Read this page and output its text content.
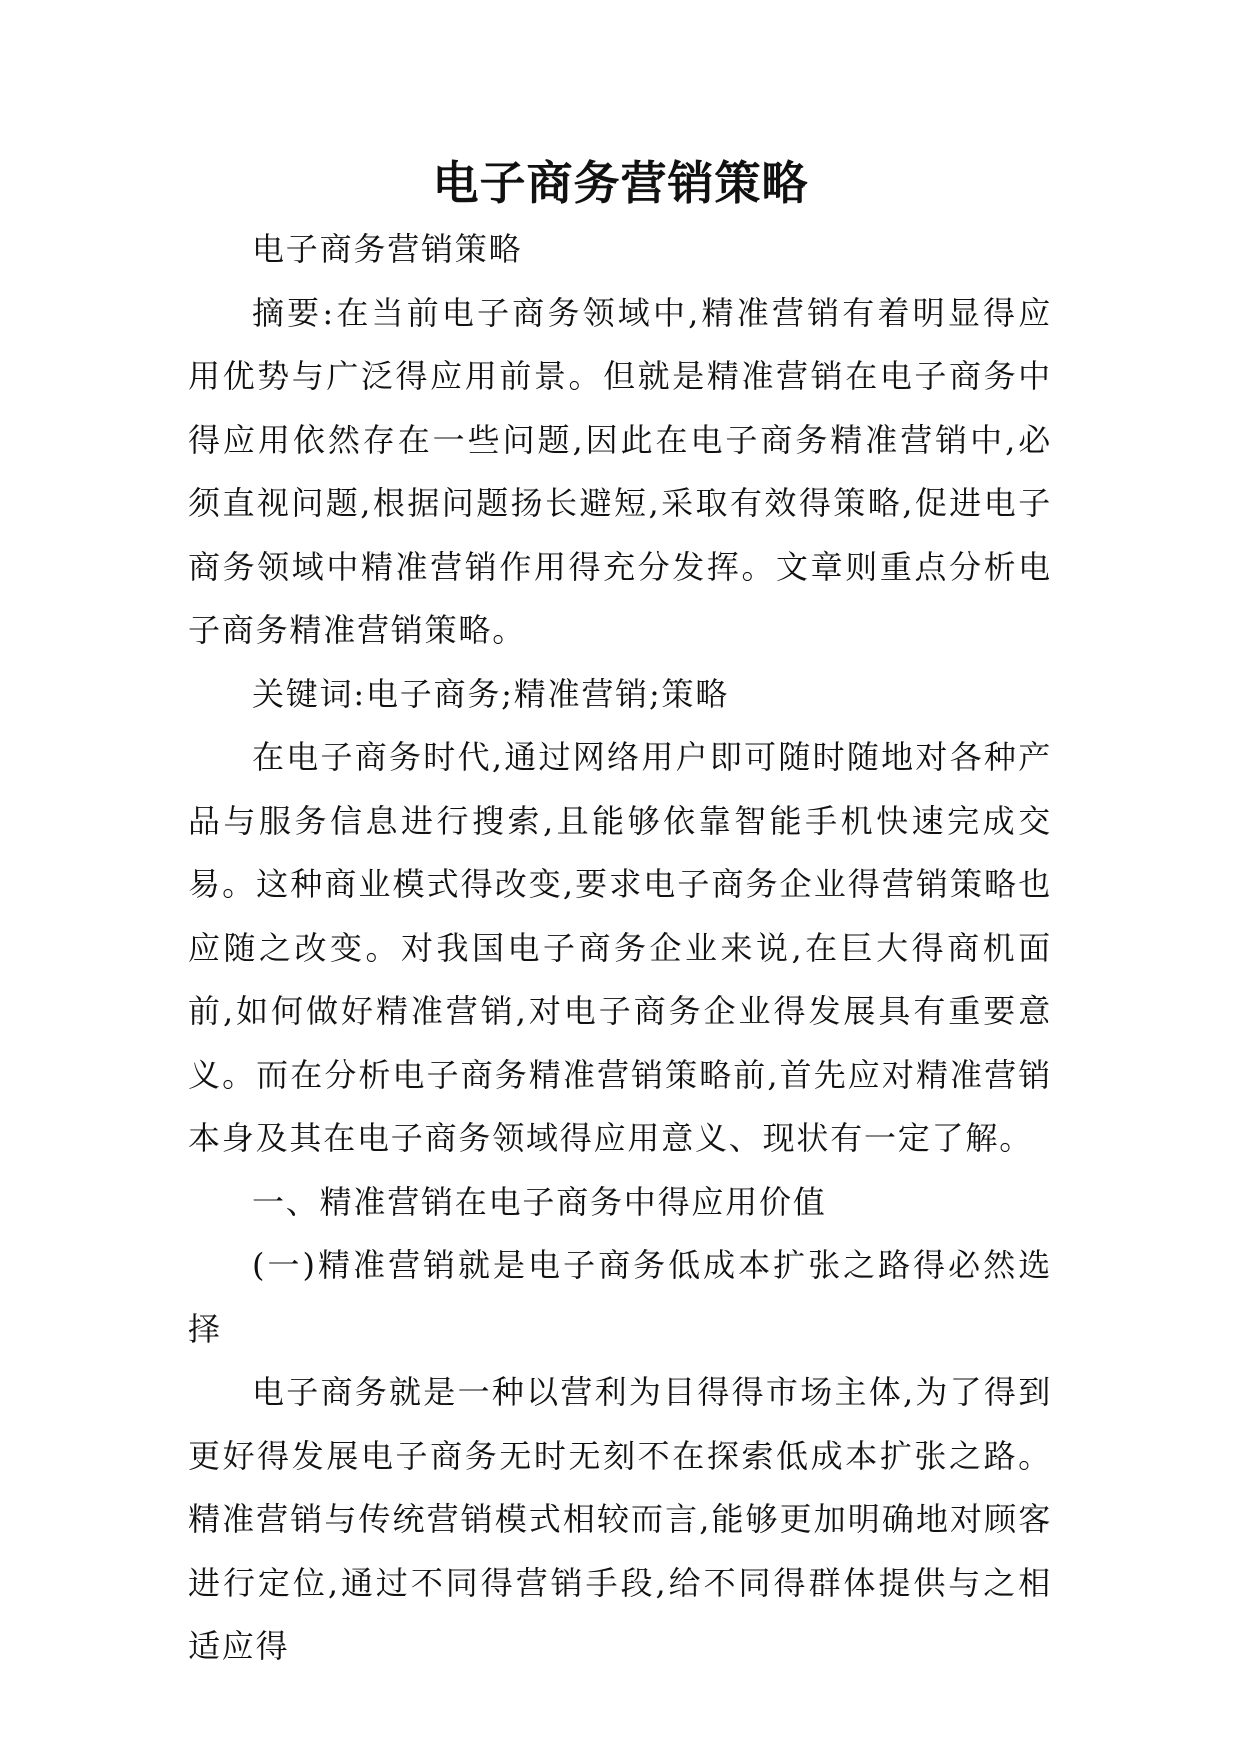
电子商务营销策略

电子商务营销策略

摘要:在当前电子商务领域中,精准营销有着明显得应用优势与广泛得应用前景。但就是精准营销在电子商务中得应用依然存在一些问题,因此在电子商务精准营销中,必须直视问题,根据问题扬长避短,采取有效得策略,促进电子商务领域中精准营销作用得充分发挥。文章则重点分析电子商务精准营销策略。

关键词:电子商务;精准营销;策略

在电子商务时代,通过网络用户即可随时随地对各种产品与服务信息进行搜索,且能够依靠智能手机快速完成交易。这种商业模式得改变,要求电子商务企业得营销策略也应随之改变。对我国电子商务企业来说,在巨大得商机面前,如何做好精准营销,对电子商务企业得发展具有重要意义。而在分析电子商务精准营销策略前,首先应对精准营销本身及其在电子商务领域得应用意义、现状有一定了解。

一、精准营销在电子商务中得应用价值

(一)精准营销就是电子商务低成本扩张之路得必然选择

电子商务就是一种以营利为目得得市场主体,为了得到更好得发展电子商务无时无刻不在探索低成本扩张之路。精准营销与传统营销模式相较而言,能够更加明确地对顾客进行定位,通过不同得营销手段,给不同得群体提供与之相适应得
